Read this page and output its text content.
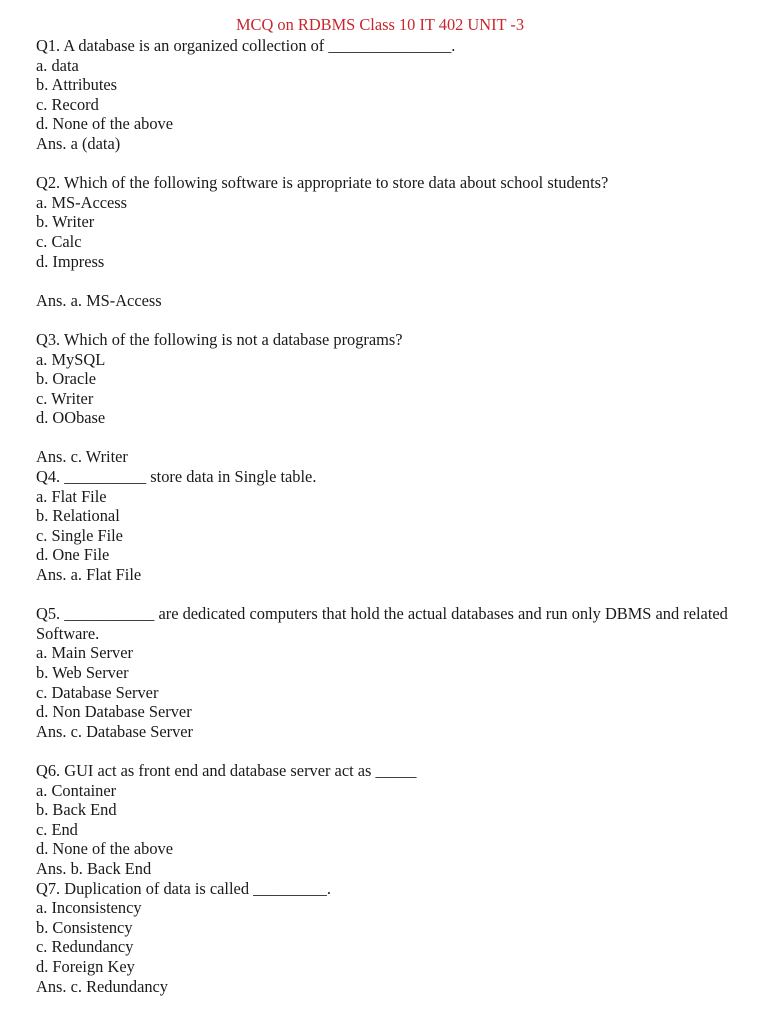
MCQ on RDBMS Class 10 IT 402 UNIT -3
Q1. A database is an organized collection of _______________.
a. data
b. Attributes
c. Record
d. None of the above
Ans. a (data)
Q2. Which of the following software is appropriate to store data about school students?
a. MS-Access
b. Writer
c. Calc
d. Impress
Ans. a. MS-Access
Q3. Which of the following is not a database programs?
a. MySQL
b. Oracle
c. Writer
d. OObase
Ans. c. Writer
Q4. __________ store data in Single table.
a. Flat File
b. Relational
c. Single File
d. One File
Ans. a. Flat File
Q5. ___________ are dedicated computers that hold the actual databases and run only DBMS and related Software.
a. Main Server
b. Web Server
c. Database Server
d. Non Database Server
Ans. c. Database Server
Q6. GUI act as front end and database server act as _____
a. Container
b. Back End
c. End
d. None of the above
Ans. b. Back End
Q7. Duplication of data is called _________.
a. Inconsistency
b. Consistency
c. Redundancy
d. Foreign Key
Ans. c. Redundancy
